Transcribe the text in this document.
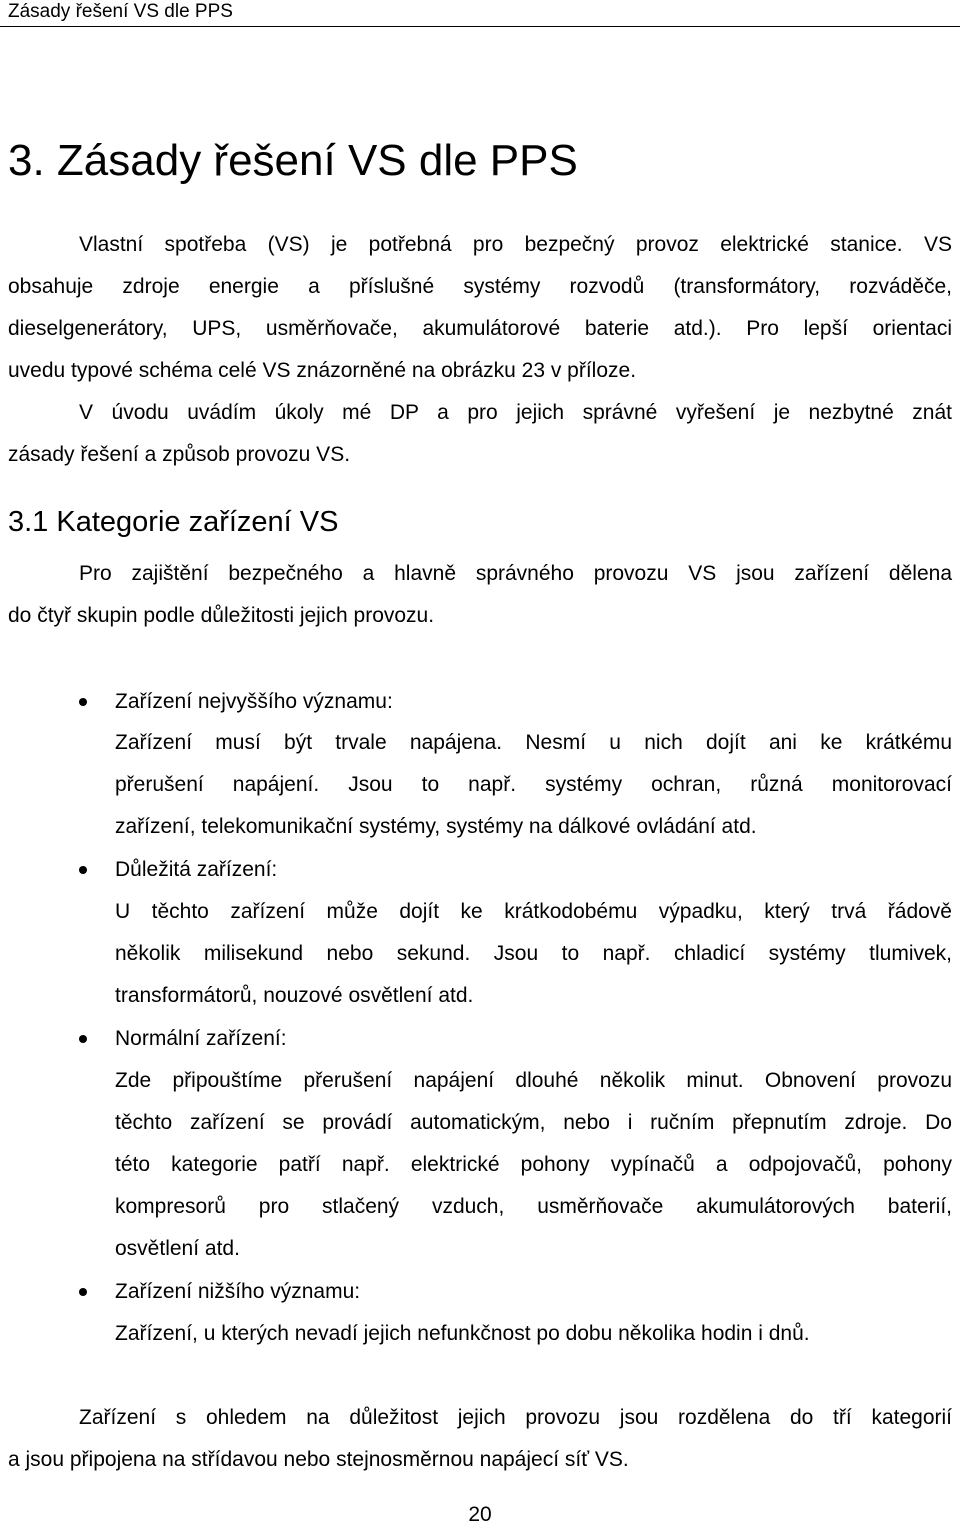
Zásady řešení VS dle PPS
3. Zásady řešení VS dle PPS
Vlastní spotřeba (VS) je potřebná pro bezpečný provoz elektrické stanice. VS
obsahuje zdroje energie a příslušné systémy rozvodů (transformátory, rozváděče,
dieselgenerátory, UPS, usměrňovače, akumulátorové baterie atd.). Pro lepší orientaci
uvedu typové schéma celé VS znázorněné na obrázku 23 v příloze.
V úvodu uvádím úkoly mé DP a pro jejich správné vyřešení je nezbytné znát
zásady řešení a způsob provozu VS.
3.1 Kategorie zařízení VS
Pro zajištění bezpečného a hlavně správného provozu VS jsou zařízení dělena
do čtyř skupin podle důležitosti jejich provozu.
Zařízení nejvyššího významu:
Zařízení musí být trvale napájena. Nesmí u nich dojít ani ke krátkému
přerušení napájení. Jsou to např. systémy ochran, různá monitorovací
zařízení, telekomunikační systémy, systémy na dálkové ovládání atd.
Důležitá zařízení:
U těchto zařízení může dojít ke krátkodobému výpadku, který trvá řádově
několik milisekund nebo sekund. Jsou to např. chladicí systémy tlumivek,
transformátorů, nouzové osvětlení atd.
Normální zařízení:
Zde připouštíme přerušení napájení dlouhé několik minut. Obnovení provozu
těchto zařízení se provádí automatickým, nebo i ručním přepnutím zdroje. Do
této kategorie patří např. elektrické pohony vypínačů a odpojovačů, pohony
kompresorů pro stlačený vzduch, usměrňovače akumulátorových baterií,
osvětlení atd.
Zařízení nižšího významu:
Zařízení, u kterých nevadí jejich nefunkčnost po dobu několika hodin i dnů.
Zařízení s ohledem na důležitost jejich provozu jsou rozdělena do tří kategorií
a jsou připojena na střídavou nebo stejnosměrnou napájecí síť VS.
20
